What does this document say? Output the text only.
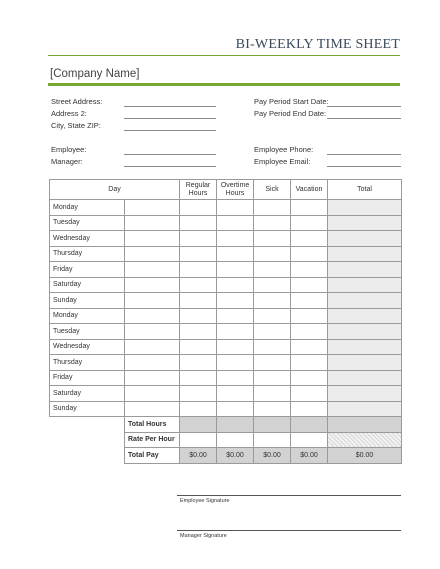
BI-WEEKLY TIME SHEET
[Company Name]
Street Address:
Address 2:
City, State ZIP:
Employee:
Manager:
Pay Period Start Date:
Pay Period End Date:
Employee Phone:
Employee Email:
Day		Regular Hours	Overtime Hours	Sick	Vacation	Total
Monday						
Tuesday						
Wednesday						
Thursday						
Friday						
Saturday						
Sunday						
Monday						
Tuesday						
Wednesday						
Thursday						
Friday						
Saturday						
Sunday						
	Total Hours					
	Rate Per Hour					
	Total Pay	$0.00	$0.00	$0.00	$0.00	$0.00
Employee Signature
Manager Signature
